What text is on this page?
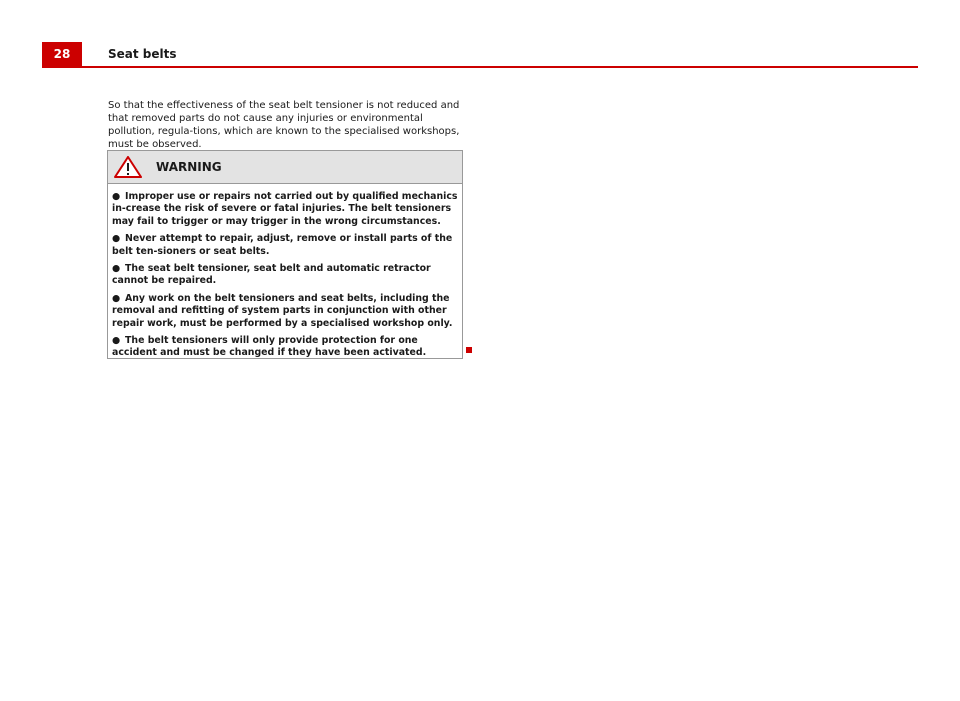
28	Seat belts
So that the effectiveness of the seat belt tensioner is not reduced and that removed parts do not cause any injuries or environmental pollution, regula-tions, which are known to the specialised workshops, must be observed.
WARNING
● Improper use or repairs not carried out by qualified mechanics in-crease the risk of severe or fatal injuries. The belt tensioners may fail to trigger or may trigger in the wrong circumstances.
● Never attempt to repair, adjust, remove or install parts of the belt ten-sioners or seat belts.
● The seat belt tensioner, seat belt and automatic retractor cannot be repaired.
● Any work on the belt tensioners and seat belts, including the removal and refitting of system parts in conjunction with other repair work, must be performed by a specialised workshop only.
● The belt tensioners will only provide protection for one accident and must be changed if they have been activated.
